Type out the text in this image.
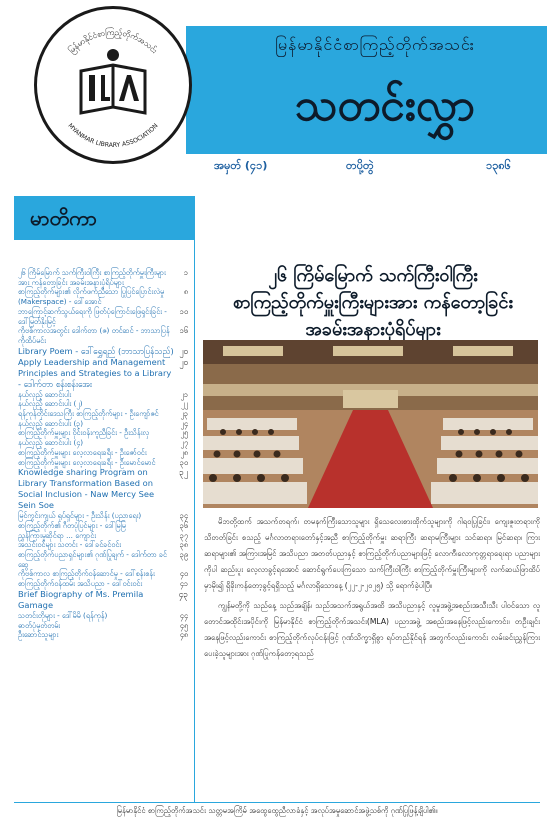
MYANMAR LIBRARY ASSOCIATION
မြန်မာနိုင်ငံစာကြည့်တိုက်အသင်း	မြန်မာနိုင်ငံစာကြည့်တိုက်အသင်း
သတင်းလွှာ
အမှတ် (၄၁)	တပို့တွဲ	၁၃၈၆
မာတိကာ
၂၆ ကြိမ်မြောက် သက်ကြီးဝါကြီး စာကြည့်တိုက်မှူးကြီးများအား ကန်တော့ခြင်း အခမ်းအနားပုံရိပ်များ
၁
စာကြည့်တိုက်များ၏ လိုက်ဖက်ညီသော ပြုပြင်ပြောင်းလဲမှု (Makerspace) - ဒေါ်အောင်
၈
ဘာကြောင့်ဆက်သွယ်ရေးကို ဖြတ်ပုံကြောင်းဖြေရှင်းခြင်း - ဒေါ်မြတ်နိုးမြင့်
၁၀
ကိုဗစ်ကာလအတွင်း ဒေါက်တာ (ဇ) တင်ဆင် - ဘာသာပြန် ကိုထိပ်မင်း
၁၆
Library Poem - ဒေါ်ရွှေရည် (ဘာသာပြန်သည်) ၂၀
Apply Leadership and Management Principles and Strategies to a Library - ဒေါက်တာ စန်းစန်းအေး
၂၀
နယ်လှည့် ဆောင်းပါး	၂၁
နယ်လှည့် ဆောင်းပါး (၂)	၂၂
ရန်ကုန်တိုင်းဒေသကြီး စာကြည့်တိုက်များ - ဦးကျော်ဇင်	၂၃
နယ်လှည့် ဆောင်းပါး (၃)	၂၄
စာကြည့်တိုက်မှူးများ ဝိုင်းဝန်းကူညီခြင်း - ဦးသိန်းလှ	၂၅
နယ်လှည့် ဆောင်းပါး (၄)	၂၇
စာကြည့်တိုက်မှူးများ လေ့လာရေးခရီး - ဦးဇော်ဝင်း	၂၈
စာကြည့်တိုက်မှူးများ လေ့လာရေးခရီး - ဦးမောင်မောင်	၃၀
Knowledge sharing Program on Library Transformation Based on Social Inclusion - Naw Mercy See Sein Soe
၃၂
မြင်ကွင်းကျယ် ရုပ်ရှင်များ - ဦးသိန်း (ပညာရေး)	၃၄
စာကြည့်တိုက်၏ ဂီတပုံပြင်များ - ဒေါ်မြမြ	၃၆
ညွှန်ကြားမှုဆိုင်ရာ ... ကျောင်း	၃၇
အသင်းဝင်များ သတင်း - ဒေါ်ခင်ခင်ဝင်း	၃၈
စာကြည့်တိုက်ပညာရှင်များ၏ ဂုဏ်ပြုချက် - ဒေါက်တာ ခင်ဆွေ
၃၉
ကိုဗစ်ကာလ စာကြည့်တိုက်ဝန်ဆောင်မှု - ဒေါ်စန်းစန်း	၄၀
စာကြည့်တိုက်ဝန်ထမ်း အသိပညာ - ဒေါ်ဝင်းဝင်း	၄၁
Brief Biography of Ms. Premila Gamage
၄၃
သတင်းတိုများ - ဒေါ်မိမိ (ရန်ကုန်)	၄၄
ဓာတ်ပုံမှတ်တမ်း	၄၅
ဦးဆောင်သူများ	၄၈
၂၆ ကြိမ်မြောက် သက်ကြီးဝါကြီး
စာကြည့်တိုက်မှူးကြီးများအား ကန်တော့ခြင်း
အခမ်းအနားပုံရိပ်များ

မိဘတို့ထက် အသက်တရက်၊ တမနက်ကြီးသောသူများ ရှိသေလေးစားထိုက်သူများကို ဂါရဝပြုခြင်း၊ ကျေးဇူးတရားကို သိတတ်ခြင်း စသည့် မင်္ဂလာတရားတော်နှင့်အညီ စာကြည့်တိုက်မှူး ဆရာကြီး ဆရာမကြီးများ သင်ဆရာ၊ မြင်ဆရာ၊ ကြားဆရာများ၏ အကြားအမြင် အသိပညာ အတတ်ပညာနှင့် စာကြည့်တိုက်ပညာများဖြင့် လောကီ၊လောကုတ္တရာရေးရာ ပညာများကိုပါ ဆည်းပူး လေ့လာခွင့်ရအောင် ဆောင်ရွက်ပေးကြသော သက်ကြီးဝါကြီး စာကြည့်တိုက်မှူးကြီးများကို လက်ဆယ်ဖြာထိပ်မှာမိုး၍ ရှိခိုးကန်တော့ခွင့်ရရှိသည့် မင်္ဂလာရှိသောနေ့ (၂၂-၂-၂၀၂၅) သို့ ရောက်ခဲ့ပါပြီ။

ကျွန်မတို့ကို သည်နေ့ သည်အချိန်၊ သည်အသက်အရွယ်အထိ အသိပညာနှင့် လူမှုအဖွဲ့အစည်းအသီးသီး ပါဝင်သော လူတောင်အထိုင်းအပိုင်းကို မြန်မာနိုင်ငံ စာကြည့်တိုက်အသင်း(MLA) ပညာအဖွဲ့ အစည်းအနေဖြင့်လည်းကောင်း၊ တဦးချင်းအနေဖြင့်လည်းကောင်း စာကြည့်တိုက်လုပ်ငန်းဖြင့် ဂုဏ်သိက္ခာရှိစွာ ရပ်တည်နိုင်ရန် အတွက်လည်းကောင်း လမ်းခင်းညွှန်ကြားပေးခဲ့သူများအား ဂုဏ်ပြုကန်တော့ရသည်

မြန်မာနိုင်ငံ စာကြည့်တိုက်အသင်း သတ္တမအကြိမ် အထွေထွေညီလာခံနှင့် အလုပ်အမှုဆောင်အဖွဲ့သစ်ကို ဂုဏ်ပြုဖြန့်ချိပါ၏။
